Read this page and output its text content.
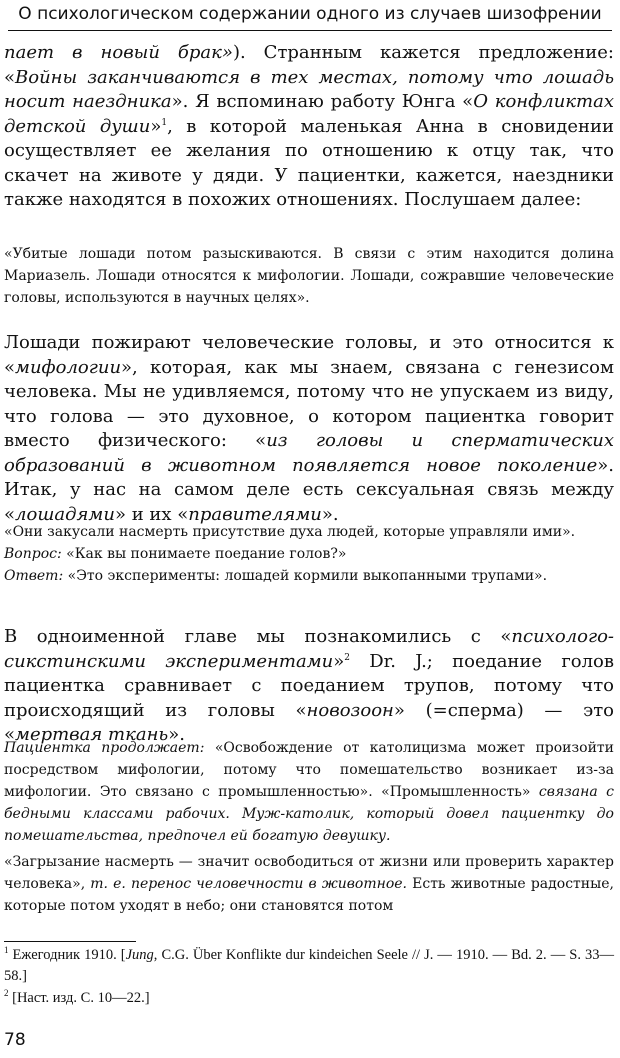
О психологическом содержании одного из случаев шизофрении

пает в новый брак»). Странным кажется предложение: «Войны заканчиваются в тех местах, потому что лошадь носит наездника». Я вспоминаю работу Юнга «О конфликтах детской души»$^1$, в которой маленькая Анна в сновидении осуществляет ее желания по отношению к отцу так, что скачет на животе у дяди. У пациентки, кажется, наездники также находятся в похожих отношениях. Послушаем далее:

«Убитые лошади потом разыскиваются. В связи с этим находится долина Мариазель. Лошади относятся к мифологии. Лошади, сожравшие человеческие головы, используются в научных целях».

Лошади пожирают человеческие головы, и это относится к «мифологии», которая, как мы знаем, связана с генезисом человека. Мы не удивляемся, потому что не упускаем из виду, что голова — это духовное, о котором пациентка говорит вместо физического: «из головы и сперматических образований в животном появляется новое поколение». Итак, у нас на самом деле есть сексуальная связь между «лошадями» и их «правителями».

«Они закусали насмерть присутствие духа людей, которые управляли ими».
Вопрос: «Как вы понимаете поедание голов?»
Ответ: «Это эксперименты: лошадей кормили выкопанными трупами».

В одноименной главе мы познакомились с «психолого-сикстинскими экспериментами»$^2$ Dr. J.; поедание голов пациентка сравнивает с поеданием трупов, потому что происходящий из головы «новозоон» (=сперма) — это «мертвая ткань».

Пациентка продолжает: «Освобождение от католицизма может произойти посредством мифологии, потому что помешательство возникает из-за мифологии. Это связано с промышленностью». «Промышленность» связана с бедными классами рабочих. Муж-католик, который довел пациентку до помешательства, предпочел ей богатую девушку.

«Загрызание насмерть — значит освободиться от жизни или проверить характер человека», т. е. перенос человечности в животное. Есть животные радостные, которые потом уходят в небо; они становятся потом

$^1$ Ежегодник 1910. [Jung, C.G. Über Konflikte dur kindeichen Seele // J. — 1910. — Bd. 2. — S. 33—58.]
$^2$ [Наст. изд. С. 10—22.]
78
